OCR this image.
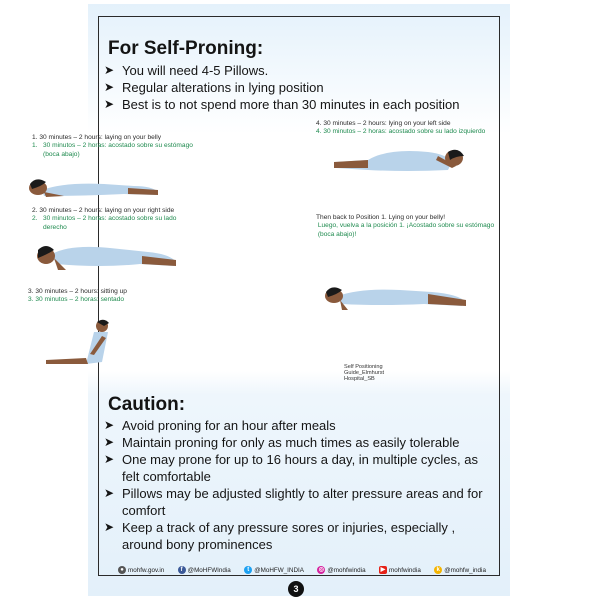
For Self-Proning:
➤ You will need 4-5 Pillows.
➤ Regular alterations in lying position
➤ Best is to not spend more than 30 minutes in each position
1. 30 minutes – 2 hours: laying on your belly
1.   30 minutos – 2 horas: acostado sobre su estómago
(boca abajo)
2. 30 minutes – 2 hours: laying on your right side
2.   30 minutos – 2 horas: acostado sobre su lado
derecho
3. 30 minutes – 2 hours: sitting up
3. 30 minutos – 2 horas: sentado
4. 30 minutes – 2 hours: lying on your left side
4. 30 minutos – 2 horas: acostado sobre su lado izquierdo
Then back to Position 1. Lying on your belly!
Luego, vuelva a la posición 1. ¡Acostado sobre su estómago
(boca abajo)!
Self Positioning Guide_Elmhurst Hospital_SB
Caution:
➤ Avoid proning for an hour after meals
➤ Maintain proning for only as much times as easily tolerable
➤ One may prone for up to 16 hours a day, in multiple cycles, as felt comfortable
➤ Pillows may be adjusted slightly to alter pressure areas and for comfort
➤ Keep a track of any pressure sores or injuries, especially , around bony prominences
● mohfw.gov.in	f @MoHFWIndia	t @MoHFW_INDIA ◎ @mohfwindia	▶ mohfwindia	k @mohfw_india
3
